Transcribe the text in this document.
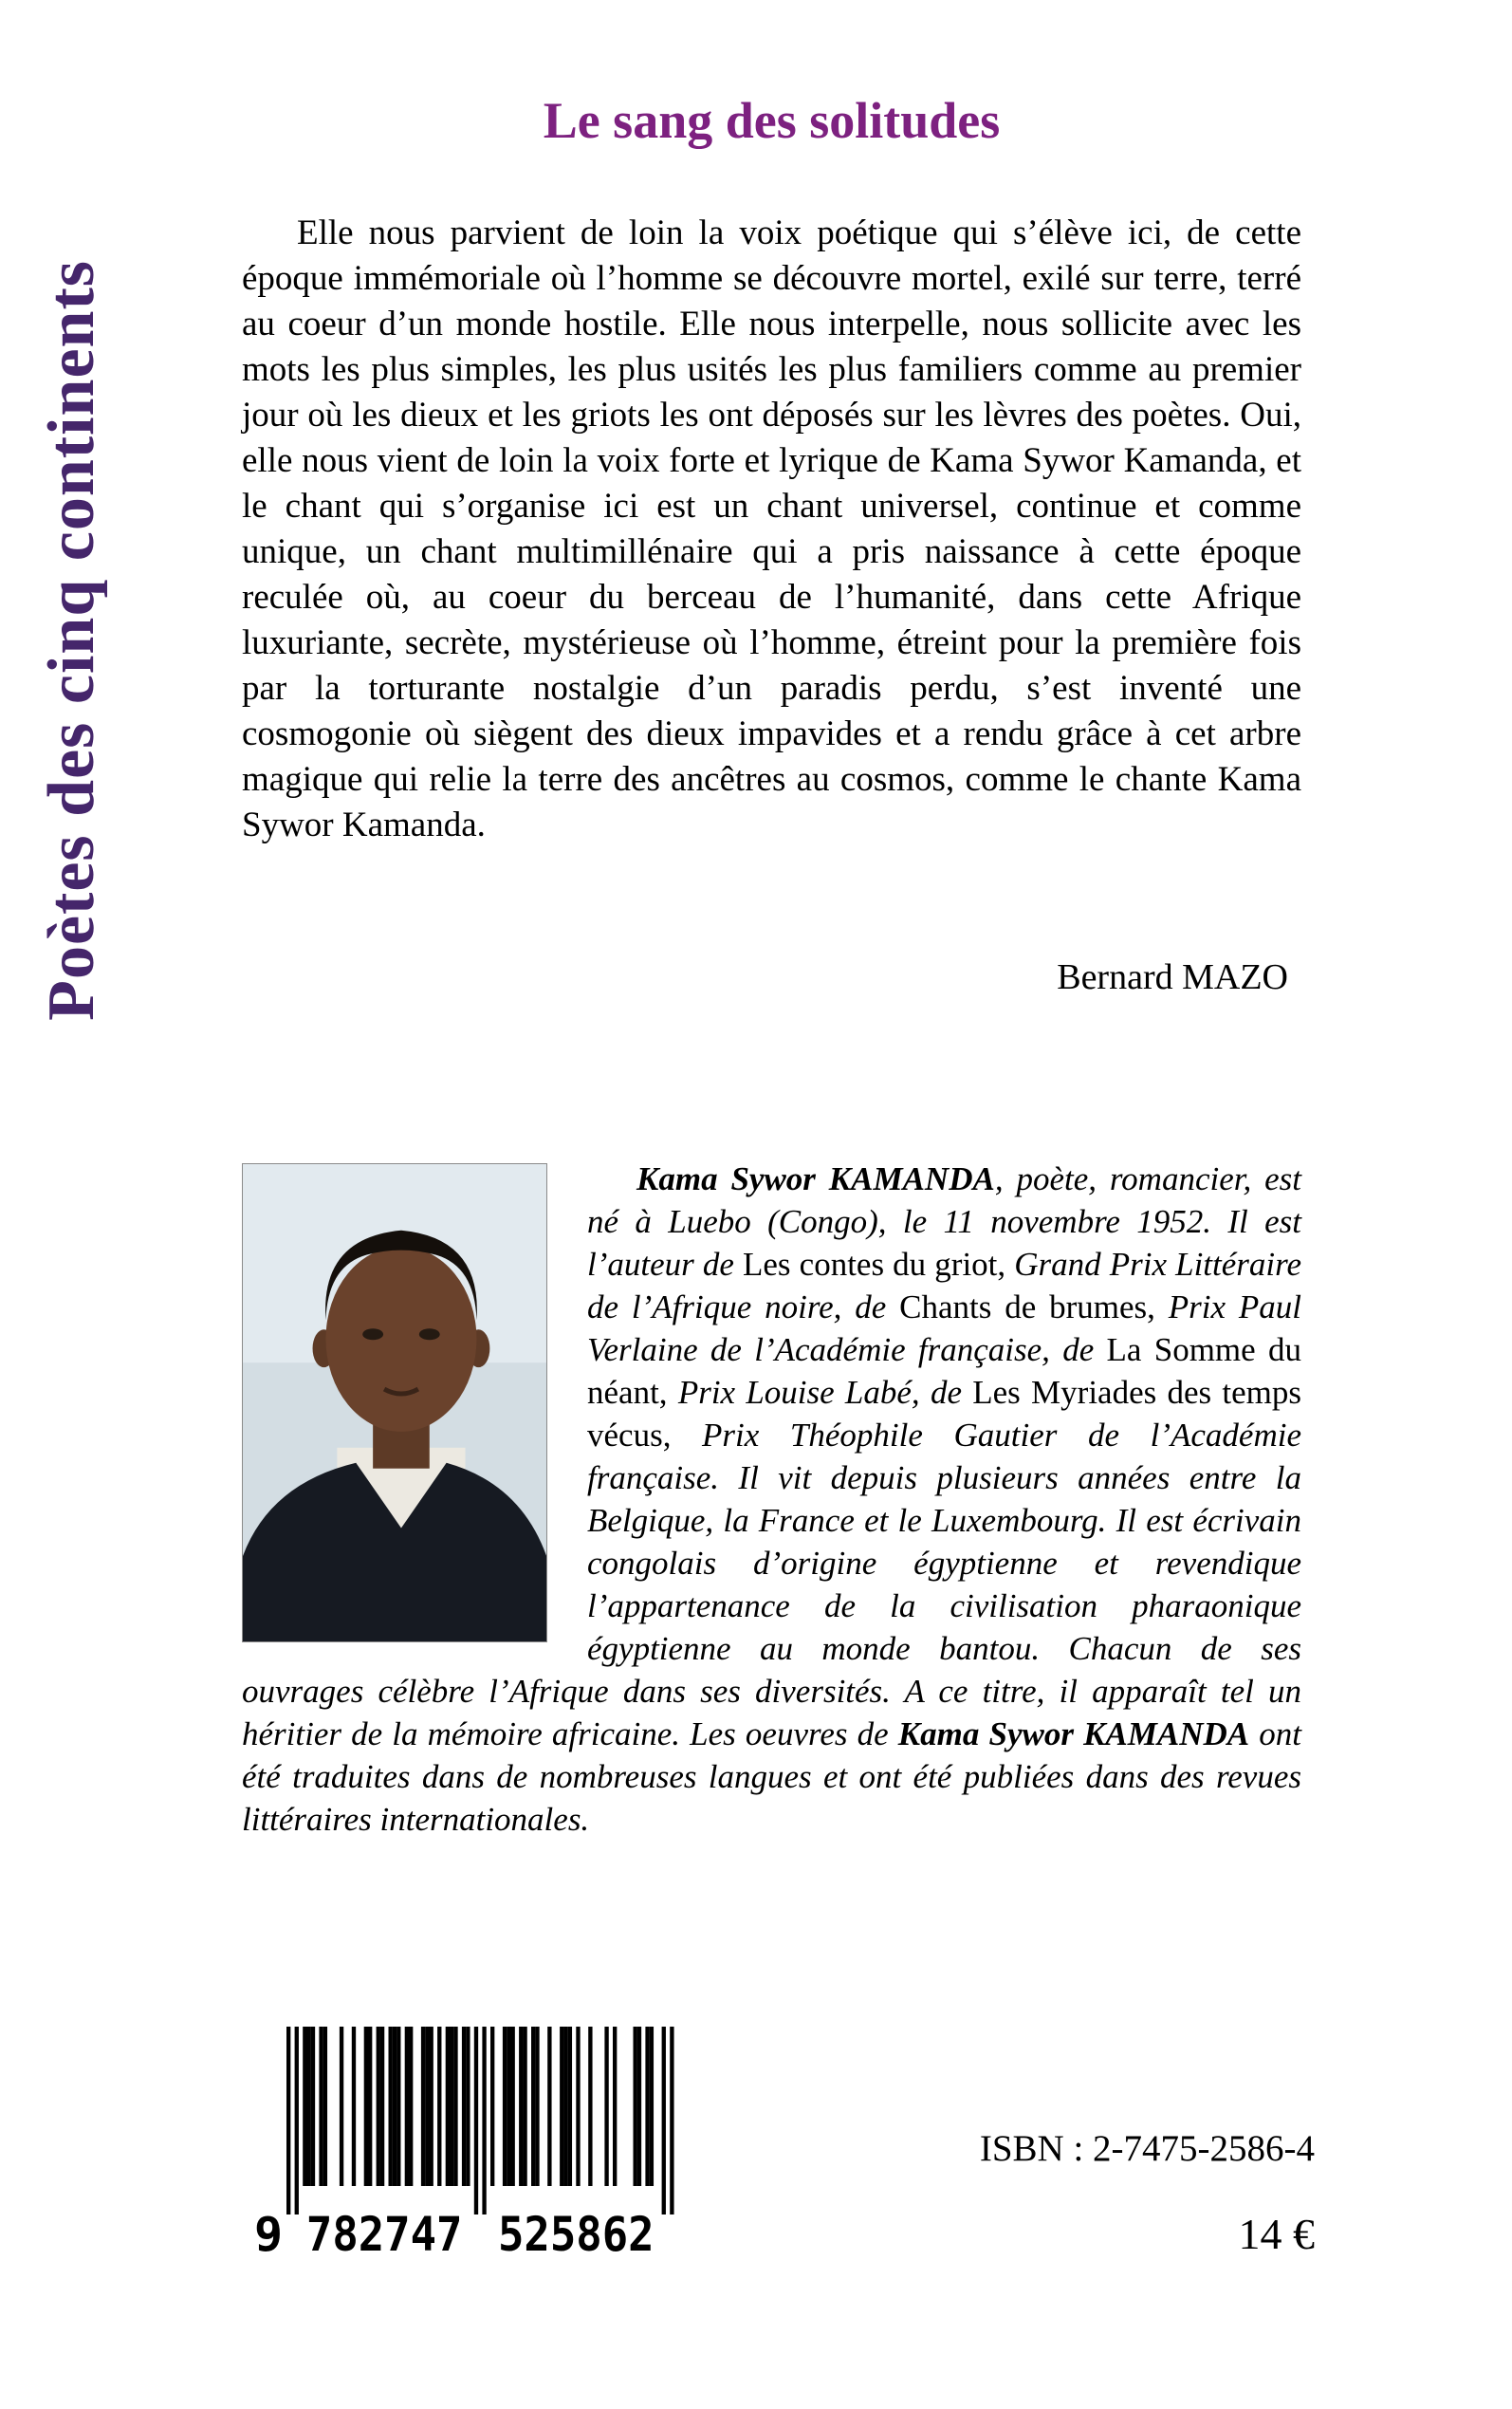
Poètes des cinq continents
Le sang des solitudes

Elle nous parvient de loin la voix poétique qui s’élève ici, de cette époque immémoriale où l’homme se découvre mortel, exilé sur terre, terré au coeur d’un monde hostile. Elle nous interpelle, nous sollicite avec les mots les plus simples, les plus usités les plus familiers comme au premier jour où les dieux et les griots les ont déposés sur les lèvres des poètes. Oui, elle nous vient de loin la voix forte et lyrique de Kama Sywor Kamanda, et le chant qui s’organise ici est un chant universel, continue et comme unique, un chant multimillénaire qui a pris naissance à cette époque reculée où, au coeur du berceau de l’humanité, dans cette Afrique luxuriante, secrète, mystérieuse où l’homme, étreint pour la première fois par la torturante nostalgie d’un paradis perdu, s’est inventé une cosmogonie où siègent des dieux impavides et a rendu grâce à cet arbre magique qui relie la terre des ancêtres au cosmos, comme le chante Kama Sywor Kamanda.

Bernard MAZO

Kama Sywor KAMANDA, poète, romancier, est né à Luebo (Congo), le 11 novembre 1952. Il est l’auteur de Les contes du griot, Grand Prix Littéraire de l’Afrique noire, de Chants de brumes, Prix Paul Verlaine de l’Académie française, de La Somme du néant, Prix Louise Labé, de Les Myriades des temps vécus, Prix Théophile Gautier de l’Académie française. Il vit depuis plusieurs années entre la Belgique, la France et le Luxembourg. Il est écrivain congolais d’origine égyptienne et revendique l’appartenance de la civilisation pharaonique égyptienne au monde bantou. Chacun de ses ouvrages célèbre l’Afrique dans ses diversités. A ce titre, il apparaît tel un héritier de la mémoire africaine. Les oeuvres de Kama Sywor KAMANDA ont été traduites dans de nombreuses langues et ont été publiées dans des revues littéraires internationales.

9 782747 525862
ISBN : 2-7475-2586-4
14 €
